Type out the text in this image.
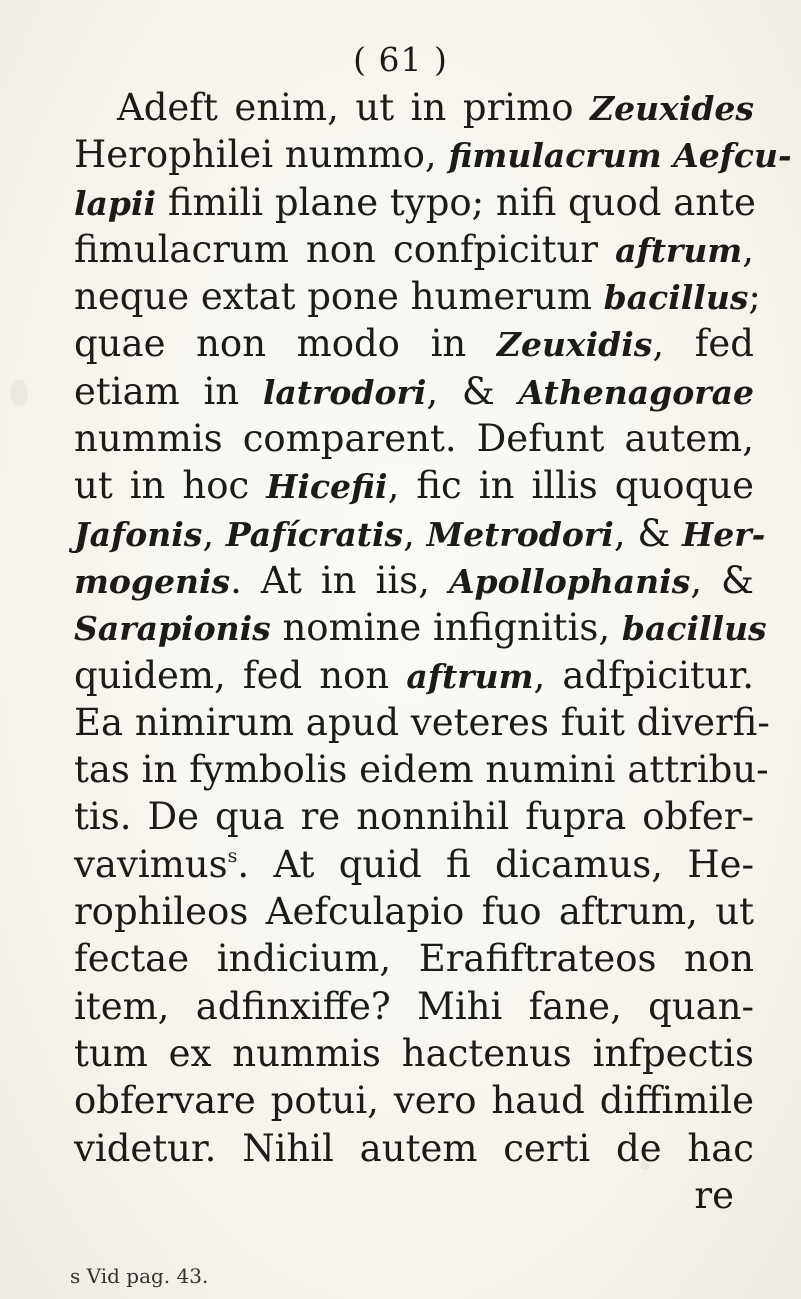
( 61 )
Adeft enim, ut in primo Zeuxides
Herophilei nummo, fimulacrum Aefcu-
lapii fimili plane typo; nifi quod ante
fimulacrum non confpicitur aftrum,
neque extat pone humerum bacillus;
quae non modo in Zeuxidis, fed
etiam in latrodori, & Athenagorae
nummis comparent. Defunt autem,
ut in hoc Hicefii, fic in illis quoque
Jafonis, Pafícratis, Metrodori, & Her-
mogenis. At in iis, Apollophanis, &
Sarapionis nomine infignitis, bacillus
quidem, fed non aftrum, adfpicitur.
Ea nimirum apud veteres fuit diverfi-
tas in fymbolis eidem numini attribu-
tis. De qua re nonnihil fupra obfer-
vavimus$^s$. At quid fi dicamus, He-
rophileos Aefculapio fuo aftrum, ut
fectae indicium, Erafiftrateos non
item, adfinxiffe? Mihi fane, quan-
tum ex nummis hactenus infpectis
obfervare potui, vero haud diffimile
videtur. Nihil autem certi de hac
re
s Vid pag. 43.
